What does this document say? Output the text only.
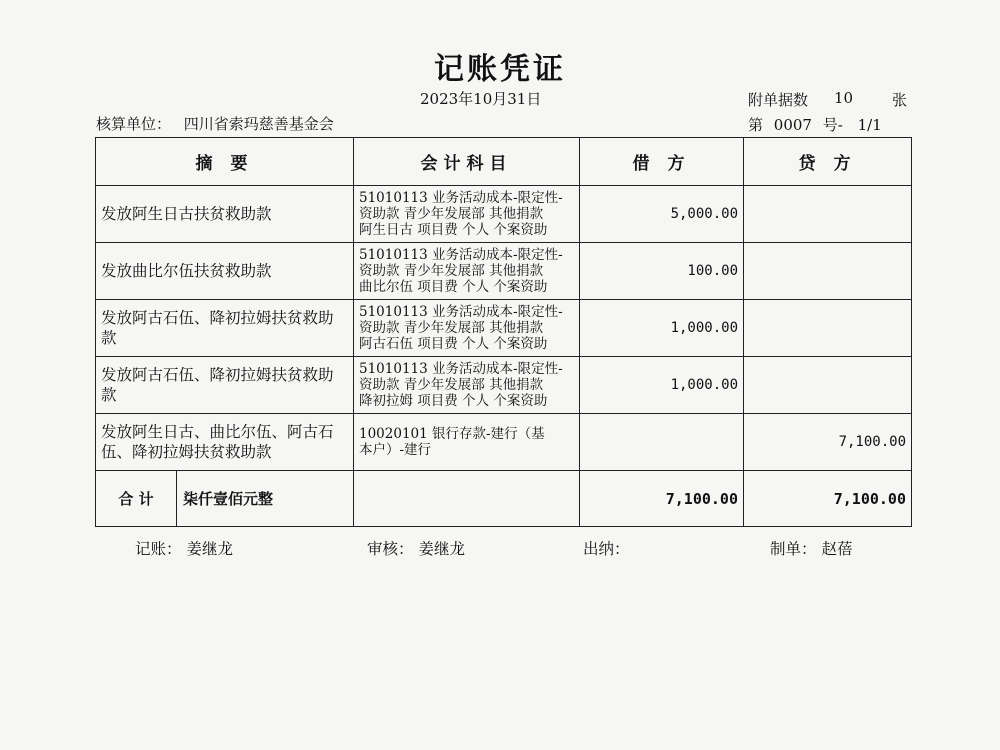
记账凭证
2023年10月31日
核算单位： 四川省索玛慈善基金会
附单据数 10	张
第 0007 号- 1/1
摘 要	会计科目	借 方	贷 方
发放阿生日古扶贫救助款	51010113 业务活动成本-限定性-
资助款 青少年发展部 其他捐款
阿生日古 项目费 个人 个案资助	5,000.00	
发放曲比尔伍扶贫救助款	51010113 业务活动成本-限定性-
资助款 青少年发展部 其他捐款
曲比尔伍 项目费 个人 个案资助	100.00	
发放阿古石伍、降初拉姆扶贫救助款	51010113 业务活动成本-限定性-
资助款 青少年发展部 其他捐款
阿古石伍 项目费 个人 个案资助	1,000.00	
发放阿古石伍、降初拉姆扶贫救助款	51010113 业务活动成本-限定性-
资助款 青少年发展部 其他捐款
降初拉姆 项目费 个人 个案资助	1,000.00	
发放阿生日古、曲比尔伍、阿古石伍、降初拉姆扶贫救助款	10020101 银行存款-建行（基
本户）-建行		7,100.00

合 计 柒仟壹佰元整		7,100.00	7,100.00
记账： 姜继龙	审核： 姜继龙	出纳：	制单： 赵蓓
